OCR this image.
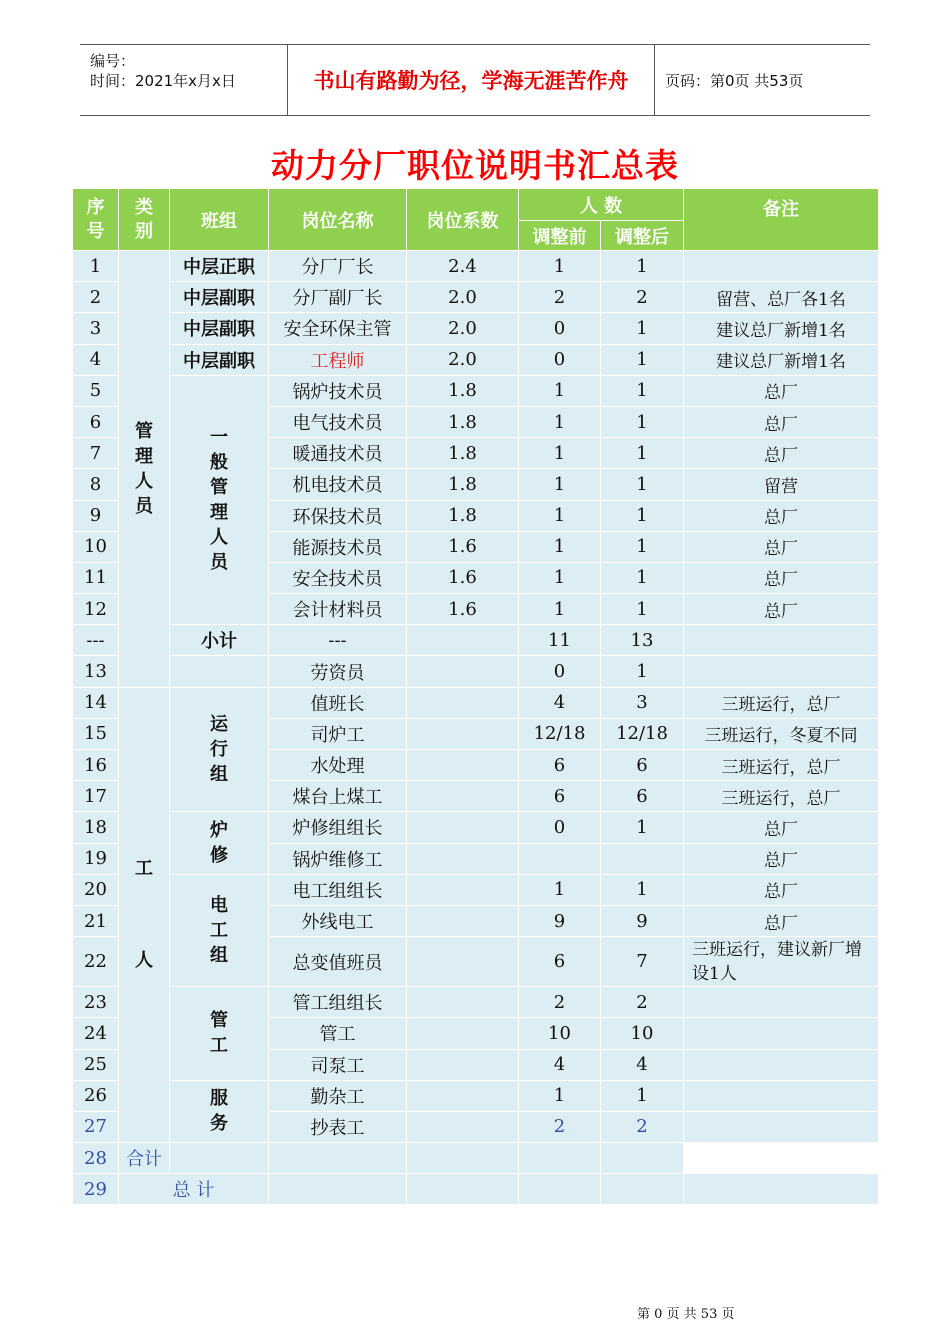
编号：
时间：2021年x月x日	书山有路勤为径，学海无涯苦作舟	页码：第0页 共53页
动力分厂职位说明书汇总表
序号	类别	班组	岗位名称	岗位系数	人 数		备注
					调整前	调整后	
1	管理人员	中层正职	分厂厂长	2.4	1	1	
2		中层副职	分厂副厂长	2.0	2	2	留营、总厂各1名
3		中层副职	安全环保主管	2.0	0	1	建议总厂新增1名
4		中层副职	工程师	2.0	0	1	建议总厂新增1名
5		一般管理人员	锅炉技术员	1.8	1	1	总厂
6			电气技术员	1.8	1	1	总厂
7			暖通技术员	1.8	1	1	总厂
8			机电技术员	1.8	1	1	留营
9			环保技术员	1.8	1	1	总厂
10			能源技术员	1.6	1	1	总厂
11			安全技术员	1.6	1	1	总厂
12			会计材料员	1.6	1	1	总厂
---		小计	---		11	13	
13			劳资员		0	1	
14	工人	运行组	值班长		4	3	三班运行，总厂
15			司炉工		12/18	12/18	三班运行，冬夏不同
16			水处理		6	6	三班运行，总厂
17			煤台上煤工		6	6	三班运行，总厂
18		炉修	炉修组组长		0	1	总厂
19			锅炉维修工				总厂
20		电工组	电工组组长		1	1	总厂
21			外线电工		9	9	总厂
22			总变值班员		6	7	三班运行，建议新厂增设1人
23		管工	管工组组长		2	2	
24			管工		10	10	
25			司泵工		4	4	
26		服务	勤杂工		1	1	
27			抄表工		2	2	
28	合计						
29	总 计						
第 0 页 共 53 页
